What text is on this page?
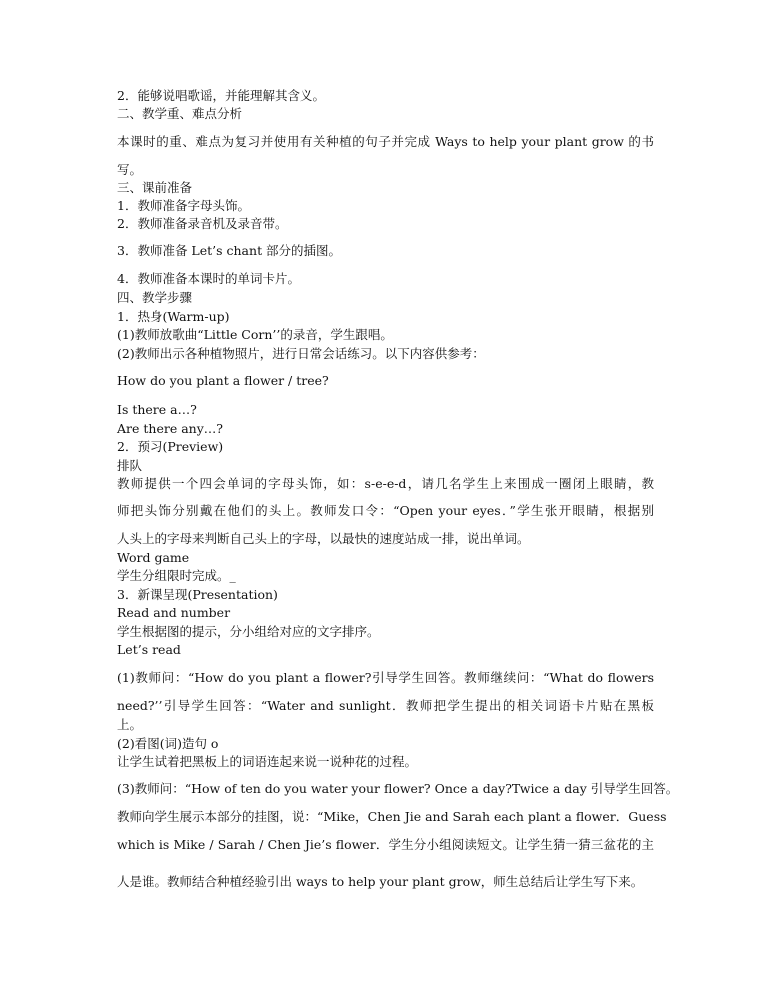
2．能够说唱歌谣，并能理解其含义。
二、教学重、难点分析
本课时的重、难点为复习并使用有关种植的句子并完成 Ways to help your plant grow 的书
写。
三、课前准备
1．教师准备字母头饰。
2．教师准备录音机及录音带。
3．教师准备 Let’s chant 部分的插图。
4．教师准备本课时的单词卡片。
四、教学步骤
1．热身(Warm-up)
(1)教师放歌曲“Little Corn’’的录音，学生跟唱。
(2)教师出示各种植物照片，进行日常会话练习。以下内容供参考：
How do you plant a flower / tree?
Is there a…?
Are there any…?
2．预习(Preview)
排队
教师提供一个四会单词的字母头饰，如：s-e-e-d，请几名学生上来围成一圈闭上眼睛，教
师把头饰分别戴在他们的头上。教师发口令：“Open your eyes．”学生张开眼睛，根据别
人头上的字母来判断自己头上的字母，以最快的速度站成一排，说出单词。
Word game
学生分组限时完成。_
3．新课呈现(Presentation)
Read and number
学生根据图的提示，分小组给对应的文字排序。
Let’s read
(1)教师问：“How do you plant a flower?引导学生回答。教师继续问：“What do flowers
need?’’引导学生回答：“Water and sunlight．教师把学生提出的相关词语卡片贴在黑板
上。
(2)看图(词)造句 o
让学生试着把黑板上的词语连起来说一说种花的过程。
(3)教师问：“How of ten do you water your flower? Once a day?Twice a day 引导学生回答。
教师向学生展示本部分的挂图，说：“Mike，Chen Jie and Sarah each plant a flower．Guess
which is Mike / Sarah / Chen Jie’s flower．学生分小组阅读短文。让学生猜一猜三盆花的主
人是谁。教师结合种植经验引出 ways to help your plant grow，师生总结后让学生写下来。
